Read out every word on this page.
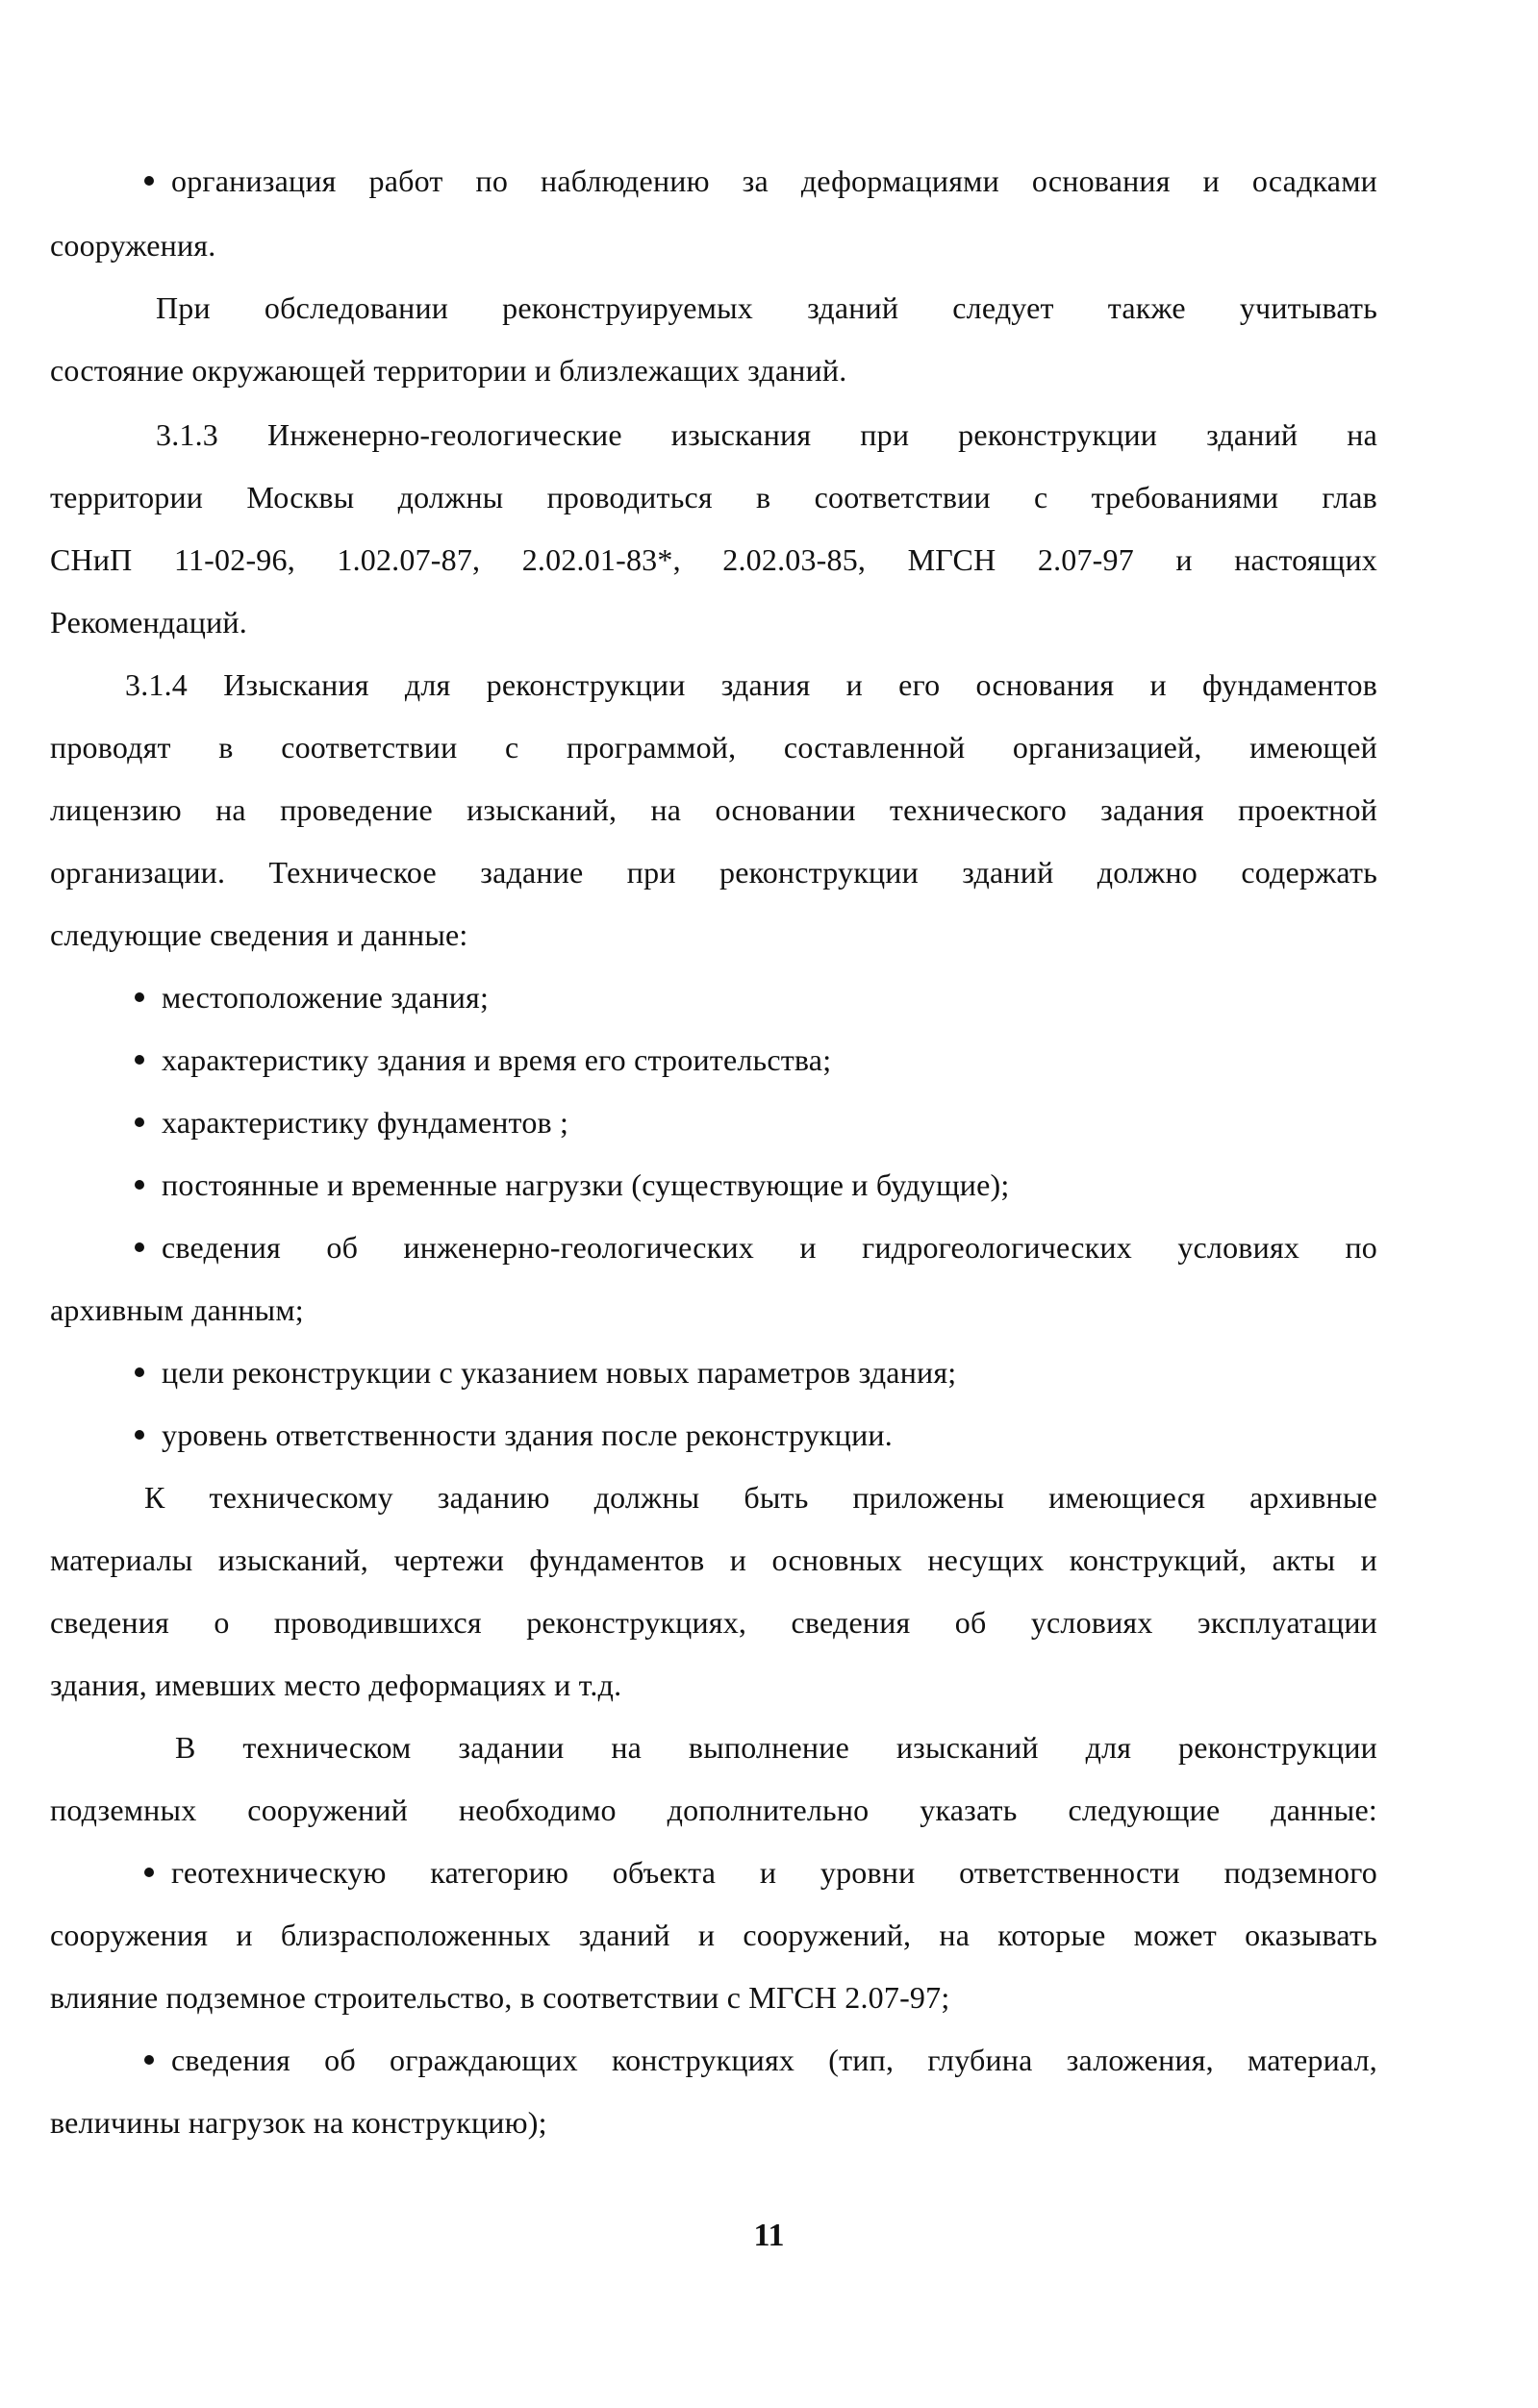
организация работ по наблюдению за деформациями основания и осадками
сооружения.
При обследовании реконструируемых зданий следует также учитывать
состояние окружающей территории и близлежащих зданий.
3.1.3 Инженерно-геологические изыскания при реконструкции зданий на
территории Москвы должны проводиться в соответствии с требованиями глав
СНиП 11-02-96, 1.02.07-87, 2.02.01-83*, 2.02.03-85, МГСН 2.07-97 и настоящих
Рекомендаций.
3.1.4 Изыскания для реконструкции здания и его основания и фундаментов
проводят в соответствии с программой, составленной организацией, имеющей
лицензию на проведение изысканий, на основании технического задания проектной
организации. Техническое задание при реконструкции зданий должно содержать
следующие сведения и данные:
местоположение здания;
характеристику здания и время его строительства;
характеристику фундаментов ;
постоянные и временные нагрузки (существующие и будущие);
сведения об инженерно-геологических и гидрогеологических условиях по
архивным данным;
цели реконструкции с указанием новых параметров здания;
уровень ответственности здания после реконструкции.
К техническому заданию должны быть приложены имеющиеся архивные
материалы изысканий, чертежи фундаментов и основных несущих конструкций, акты и
сведения о проводившихся реконструкциях, сведения об условиях эксплуатации
здания, имевших место деформациях и т.д.
В техническом задании на выполнение изысканий для реконструкции
подземных сооружений необходимо дополнительно указать следующие данные:
геотехническую категорию объекта и уровни ответственности подземного
сооружения и близрасположенных зданий и сооружений, на которые может оказывать
влияние подземное строительство, в соответствии с МГСН 2.07-97;
сведения об ограждающих конструкциях (тип, глубина заложения, материал,
величины нагрузок на конструкцию);
11
